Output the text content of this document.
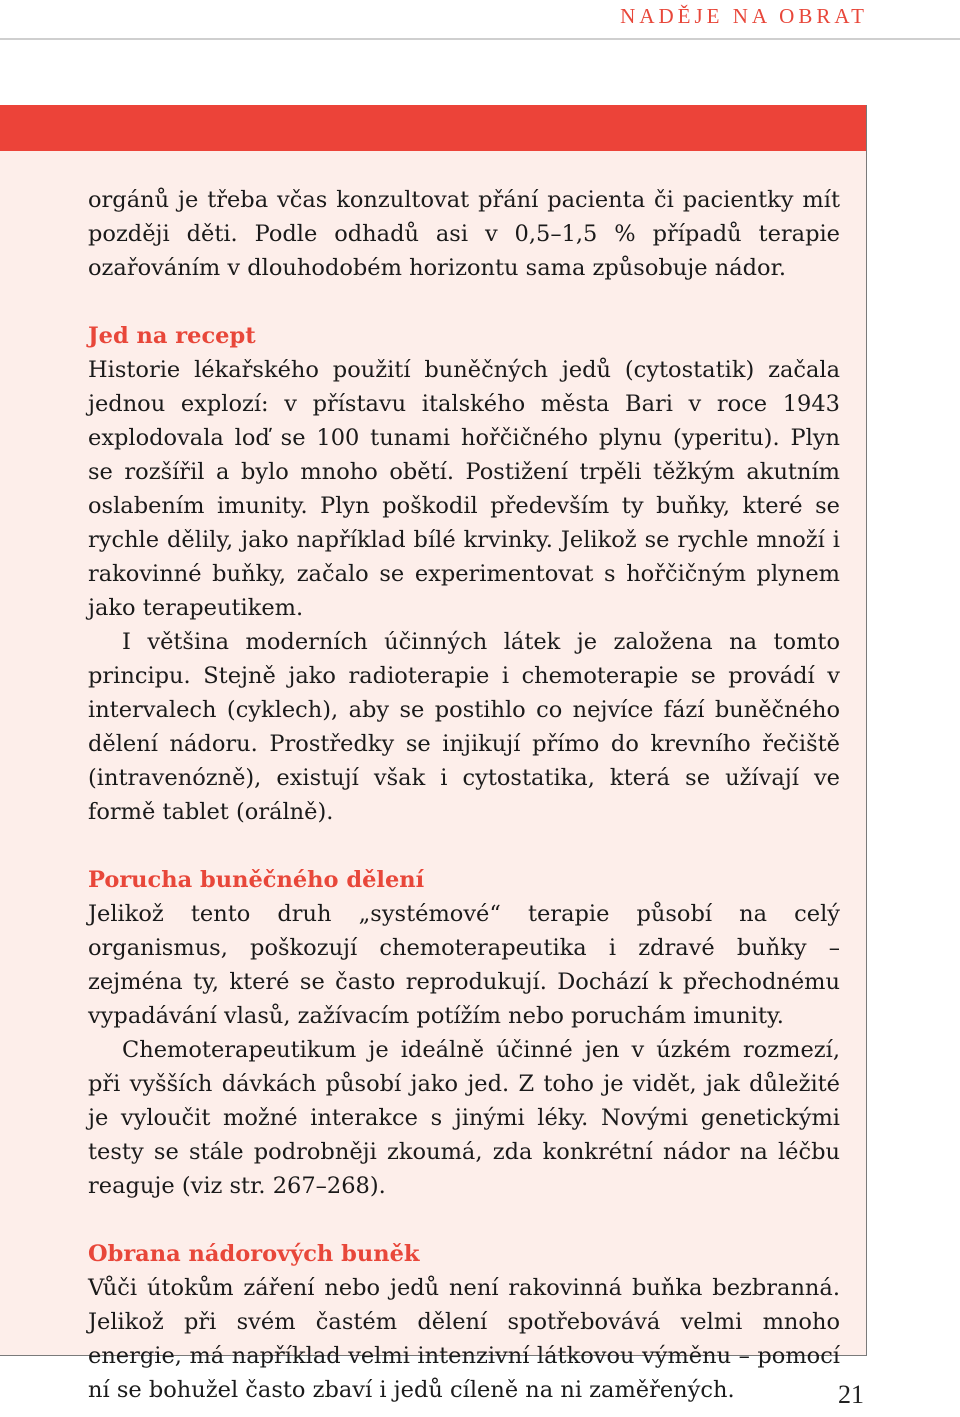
NADĚJE NA OBRAT

orgánů je třeba včas konzultovat přání pacienta či pacientky mít později děti. Podle odhadů asi v 0,5–1,5 % případů terapie ozařováním v dlouhodobém horizontu sama způsobuje nádor.

Jed na recept

Historie lékařského použití buněčných jedů (cytostatik) začala jednou explozí: v přístavu italského města Bari v roce 1943 explodovala loď se 100 tunami hořčičného plynu (yperitu). Plyn se rozšířil a bylo mnoho obětí. Postižení trpěli těžkým akutním oslabením imunity. Plyn poškodil především ty buňky, které se rychle dělily, jako například bílé krvinky. Jelikož se rychle množí i rakovinné buňky, začalo se experimentovat s hořčičným plynem jako terapeutikem.

I většina moderních účinných látek je založena na tomto principu. Stejně jako radioterapie i chemoterapie se provádí v intervalech (cyklech), aby se postihlo co nejvíce fází buněčného dělení nádoru. Prostředky se injikují přímo do krevního řečiště (intravenózně), existují však i cytostatika, která se užívají ve formě tablet (orálně).

Porucha buněčného dělení

Jelikož tento druh „systémové“ terapie působí na celý organismus, poškozují chemoterapeutika i zdravé buňky – zejména ty, které se často reprodukují. Dochází k přechodnému vypadávání vlasů, zažívacím potížím nebo poruchám imunity.

Chemoterapeutikum je ideálně účinné jen v úzkém rozmezí, při vyšších dávkách působí jako jed. Z toho je vidět, jak důležité je vyloučit možné interakce s jinými léky. Novými genetickými testy se stále podrobněji zkoumá, zda konkrétní nádor na léčbu reaguje (viz str. 267–268).

Obrana nádorových buněk

Vůči útokům záření nebo jedů není rakovinná buňka bezbranná. Jelikož při svém častém dělení spotřebovává velmi mnoho energie, má například velmi intenzivní látkovou výměnu – pomocí ní se bohužel často zbaví i jedů cíleně na ni zaměřených.	21
